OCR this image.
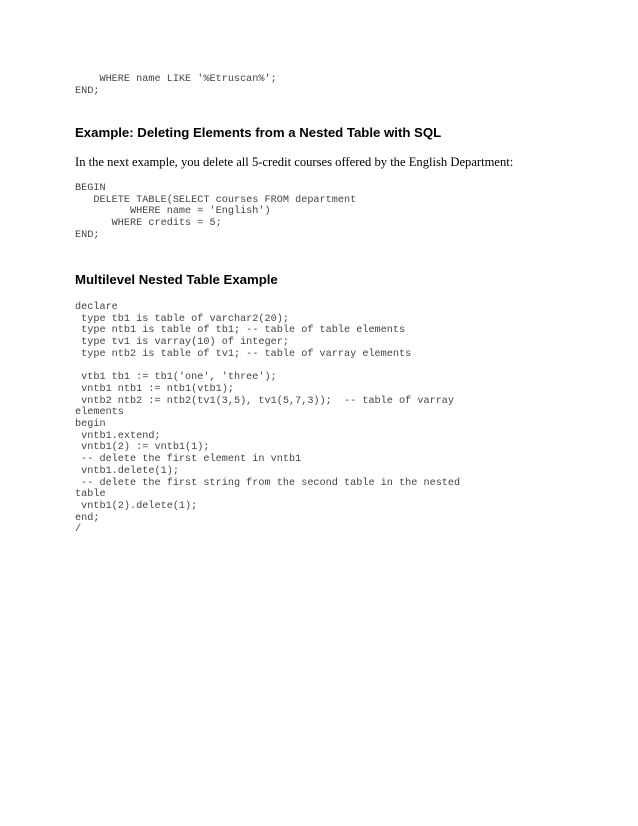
WHERE name LIKE '%Etruscan%';
END;
Example: Deleting Elements from a Nested Table with SQL
In the next example, you delete all 5-credit courses offered by the English Department:
BEGIN
DELETE TABLE(SELECT courses FROM department
WHERE name = 'English')
WHERE credits = 5;
END;
Multilevel Nested Table Example
declare
type tb1 is table of varchar2(20);
type ntb1 is table of tb1; -- table of table elements
type tv1 is varray(10) of integer;
type ntb2 is table of tv1; -- table of varray elements

vtb1 tb1 := tb1('one', 'three');
vntb1 ntb1 := ntb1(vtb1);
vntb2 ntb2 := ntb2(tv1(3,5), tv1(5,7,3));  -- table of varray
elements
begin
vntb1.extend;
vntb1(2) := vntb1(1);
-- delete the first element in vntb1
vntb1.delete(1);
-- delete the first string from the second table in the nested
table
vntb1(2).delete(1);
end;
/
